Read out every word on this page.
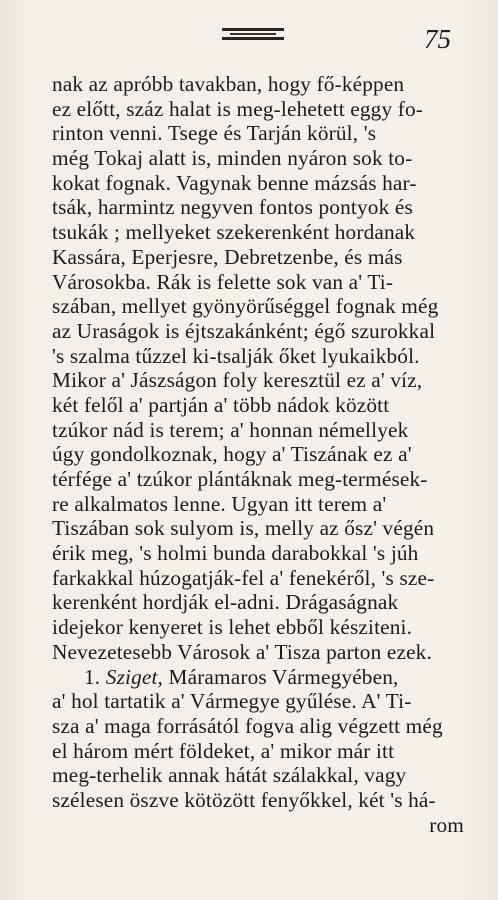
75
nak az apróbb tavakban, hogy fő-képpen
ez előtt, száz halat is meg-lehetett eggy fo-
rinton venni. Tsege és Tarján körül, 's
még Tokaj alatt is, minden nyáron sok to-
kokat fognak. Vagynak benne mázsás har-
tsák, harmintz negyven fontos pontyok és
tsukák ; mellyeket szekerenként hordanak
Kassára, Eperjesre, Debretzenbe, és más
Városokba. Rák is felette sok van a' Ti-
szában, mellyet gyönyörűséggel fognak még
az Uraságok is éjtszakánként; égő szurokkal
's szalma tűzzel ki-tsalják őket lyukaikból.
Mikor a' Jászságon foly keresztül ez a' víz,
két felől a' partján a' több nádok között
tzúkor nád is terem; a' honnan némellyek
úgy gondolkoznak, hogy a' Tiszának ez a'
térfége a' tzúkor plántáknak meg-termések-
re alkalmatos lenne. Ugyan itt terem a'
Tiszában sok sulyom is, melly az ősz' végén
érik meg, 's holmi bunda darabokkal 's júh
farkakkal húzogatják-fel a' fenekéről, 's sze-
kerenként hordják el-adni. Drágaságnak
idejekor kenyeret is lehet ebből késziteni.
Nevezetesebb Városok a' Tisza parton ezek.
1. Sziget, Máramaros Vármegyében,
a' hol tartatik a' Vármegye gyűlése. A' Ti-
sza a' maga forrásától fogva alig végzett még
el három mért földeket, a' mikor már itt
meg-terhelik annak hátát szálakkal, vagy
szélesen öszve kötözött fenyőkkel, két 's há-
rom
